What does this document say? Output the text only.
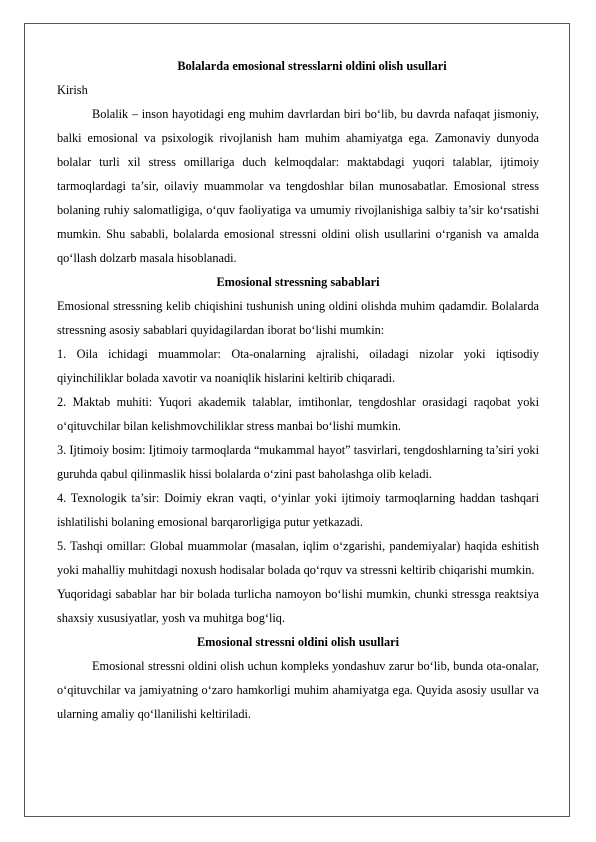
Bolalarda emosional stresslarni oldini olish usullari

Kirish

Bolalik – inson hayotidagi eng muhim davrlardan biri bo‘lib, bu davrda nafaqat jismoniy, balki emosional va psixologik rivojlanish ham muhim ahamiyatga ega. Zamonaviy dunyoda bolalar turli xil stress omillariga duch kelmoqdalar: maktabdagi yuqori talablar, ijtimoiy tarmoqlardagi ta’sir, oilaviy muammolar va tengdoshlar bilan munosabatlar. Emosional stress bolaning ruhiy salomatligiga, o‘quv faoliyatiga va umumiy rivojlanishiga salbiy ta’sir ko‘rsatishi mumkin. Shu sababli, bolalarda emosional stressni oldini olish usullarini o‘rganish va amalda qo‘llash dolzarb masala hisoblanadi.

Emosional stressning sabablari

Emosional stressning kelib chiqishini tushunish uning oldini olishda muhim qadamdir. Bolalarda stressning asosiy sabablari quyidagilardan iborat bo‘lishi mumkin:

1. Oila ichidagi muammolar: Ota-onalarning ajralishi, oiladagi nizolar yoki iqtisodiy qiyinchiliklar bolada xavotir va noaniqlik hislarini keltirib chiqaradi.

2. Maktab muhiti: Yuqori akademik talablar, imtihonlar, tengdoshlar orasidagi raqobat yoki o‘qituvchilar bilan kelishmovchiliklar stress manbai bo‘lishi mumkin.

3. Ijtimoiy bosim: Ijtimoiy tarmoqlarda “mukammal hayot” tasvirlari, tengdoshlarning ta’siri yoki guruhda qabul qilinmaslik hissi bolalarda o‘zini past baholashga olib keladi.

4. Texnologik ta’sir: Doimiy ekran vaqti, o‘yinlar yoki ijtimoiy tarmoqlarning haddan tashqari ishlatilishi bolaning emosional barqarorligiga putur yetkazadi.

5. Tashqi omillar: Global muammolar (masalan, iqlim o‘zgarishi, pandemiyalar) haqida eshitish yoki mahalliy muhitdagi noxush hodisalar bolada qo‘rquv va stressni keltirib chiqarishi mumkin.

Yuqoridagi sabablar har bir bolada turlicha namoyon bo‘lishi mumkin, chunki stressga reaktsiya shaxsiy xususiyatlar, yosh va muhitga bog‘liq.

Emosional stressni oldini olish usullari

Emosional stressni oldini olish uchun kompleks yondashuv zarur bo‘lib, bunda ota-onalar, o‘qituvchilar va jamiyatning o‘zaro hamkorligi muhim ahamiyatga ega. Quyida asosiy usullar va ularning amaliy qo‘llanilishi keltiriladi.
